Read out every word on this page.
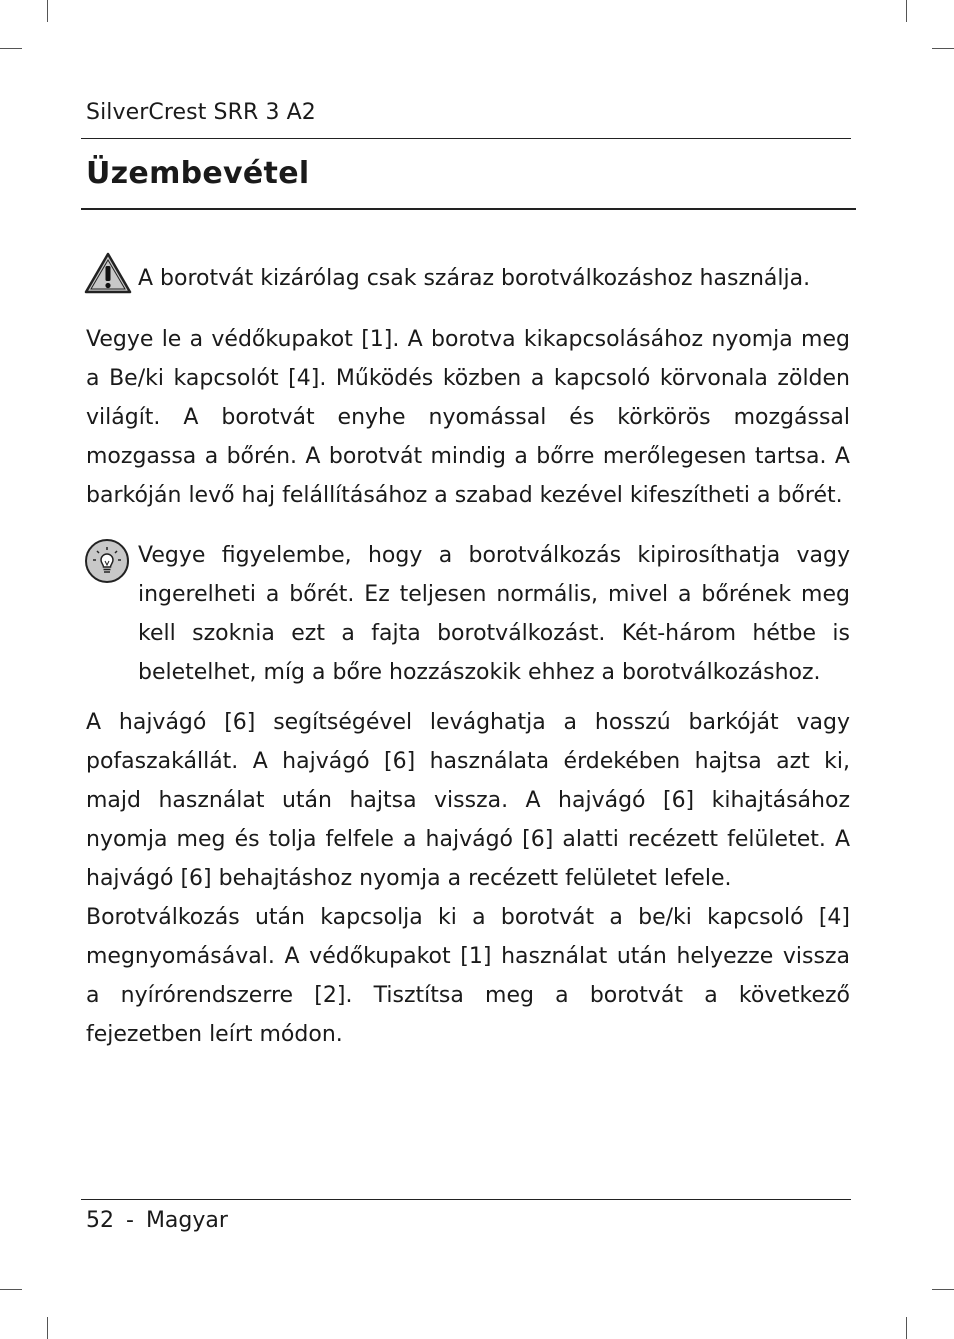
SilverCrest SRR 3 A2
Üzembevétel
A borotvát kizárólag csak száraz borotválkozáshoz használja.
Vegye le a védőkupakot [1]. A borotva kikapcsolásához nyomja meg a Be/ki kapcsolót [4]. Működés közben a kapcsoló körvonala zölden világít. A borotvát enyhe nyomással és körkörös mozgással mozgassa a bőrén. A borotvát mindig a bőrre merőlegesen tartsa. A barkóján levő haj felállításához a szabad kezével kifeszítheti a bőrét.
Vegye figyelembe, hogy a borotválkozás kipirosíthatja vagy ingerelheti a bőrét. Ez teljesen normális, mivel a bőrének meg kell szoknia ezt a fajta borotválkozást. Két-három hétbe is beletelhet, míg a bőre hozzászokik ehhez a borotválkozáshoz.
A hajvágó [6] segítségével levághatja a hosszú barkóját vagy pofaszakállát. A hajvágó [6] használata érdekében hajtsa azt ki, majd használat után hajtsa vissza. A hajvágó [6] kihajtásához nyomja meg és tolja felfele a hajvágó [6] alatti recézett felületet. A hajvágó [6] behajtáshoz nyomja a recézett felületet lefele.
Borotválkozás után kapcsolja ki a borotvát a be/ki kapcsoló [4] megnyomásával. A védőkupakot [1] használat után helyezze vissza a nyírórendszerre [2]. Tisztítsa meg a borotvát a következő fejezetben leírt módon.
52 - Magyar
